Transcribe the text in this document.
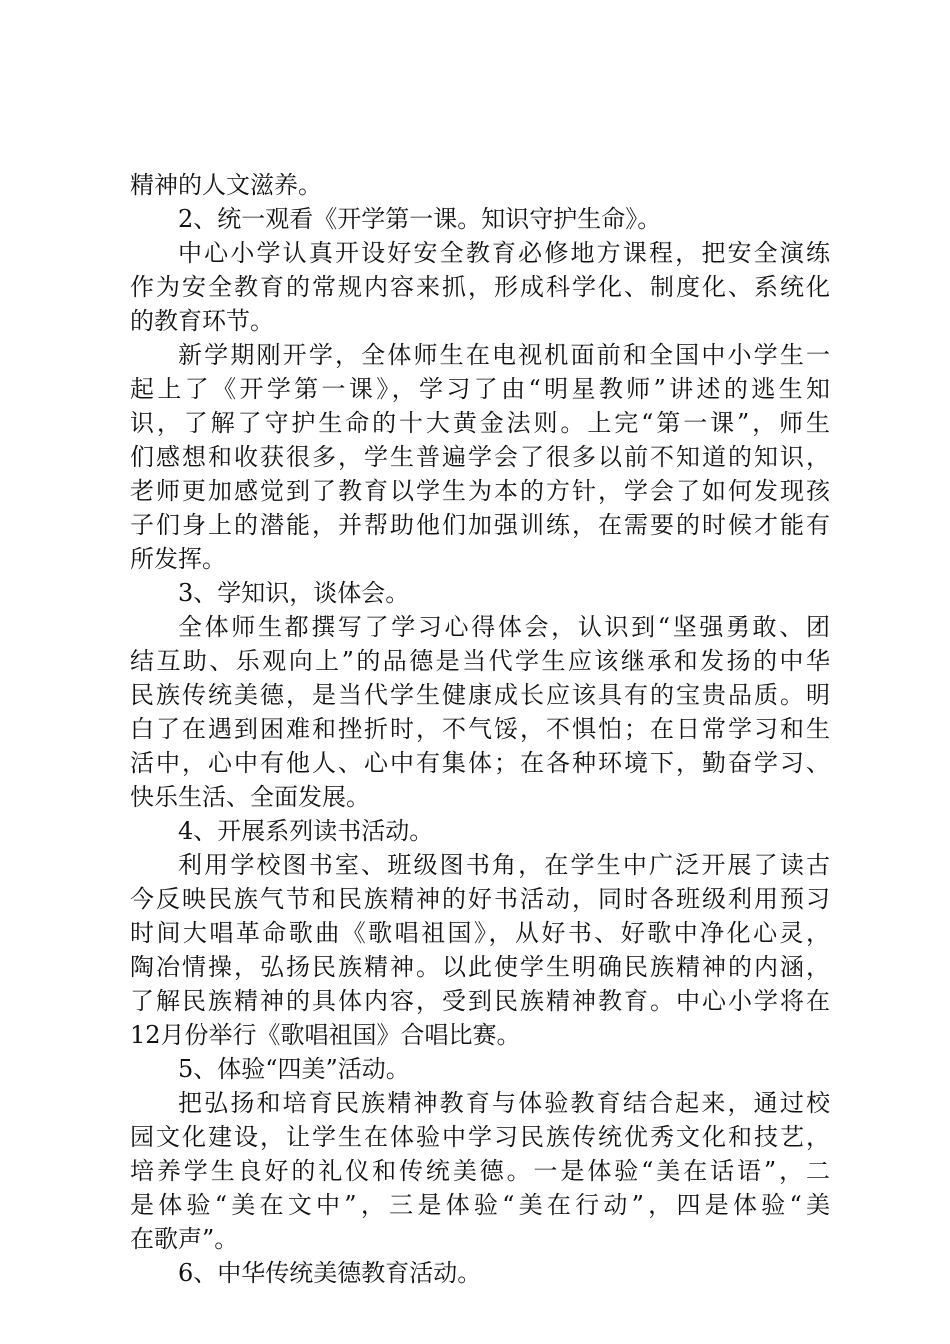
精神的人文滋养。
2、统一观看《开学第一课。知识守护生命》。
中心小学认真开设好安全教育必修地方课程，把安全演练
作为安全教育的常规内容来抓，形成科学化、制度化、系统化
的教育环节。
新学期刚开学，全体师生在电视机面前和全国中小学生一
起上了《开学第一课》，学习了由“明星教师”讲述的逃生知
识，了解了守护生命的十大黄金法则。上完“第一课”，师生
们感想和收获很多，学生普遍学会了很多以前不知道的知识，
老师更加感觉到了教育以学生为本的方针，学会了如何发现孩
子们身上的潜能，并帮助他们加强训练，在需要的时候才能有
所发挥。
3、学知识，谈体会。
全体师生都撰写了学习心得体会，认识到“坚强勇敢、团
结互助、乐观向上”的品德是当代学生应该继承和发扬的中华
民族传统美德，是当代学生健康成长应该具有的宝贵品质。明
白了在遇到困难和挫折时，不气馁，不惧怕；在日常学习和生
活中，心中有他人、心中有集体；在各种环境下，勤奋学习、
快乐生活、全面发展。
4、开展系列读书活动。
利用学校图书室、班级图书角，在学生中广泛开展了读古
今反映民族气节和民族精神的好书活动，同时各班级利用预习
时间大唱革命歌曲《歌唱祖国》，从好书、好歌中净化心灵，
陶冶情操，弘扬民族精神。以此使学生明确民族精神的内涵，
了解民族精神的具体内容，受到民族精神教育。中心小学将在
12月份举行《歌唱祖国》合唱比赛。
5、体验“四美”活动。
把弘扬和培育民族精神教育与体验教育结合起来，通过校
园文化建设，让学生在体验中学习民族传统优秀文化和技艺，
培养学生良好的礼仪和传统美德。一是体验“美在话语”，二
是体验“美在文中”，三是体验“美在行动”，四是体验“美
在歌声”。
6、中华传统美德教育活动。
